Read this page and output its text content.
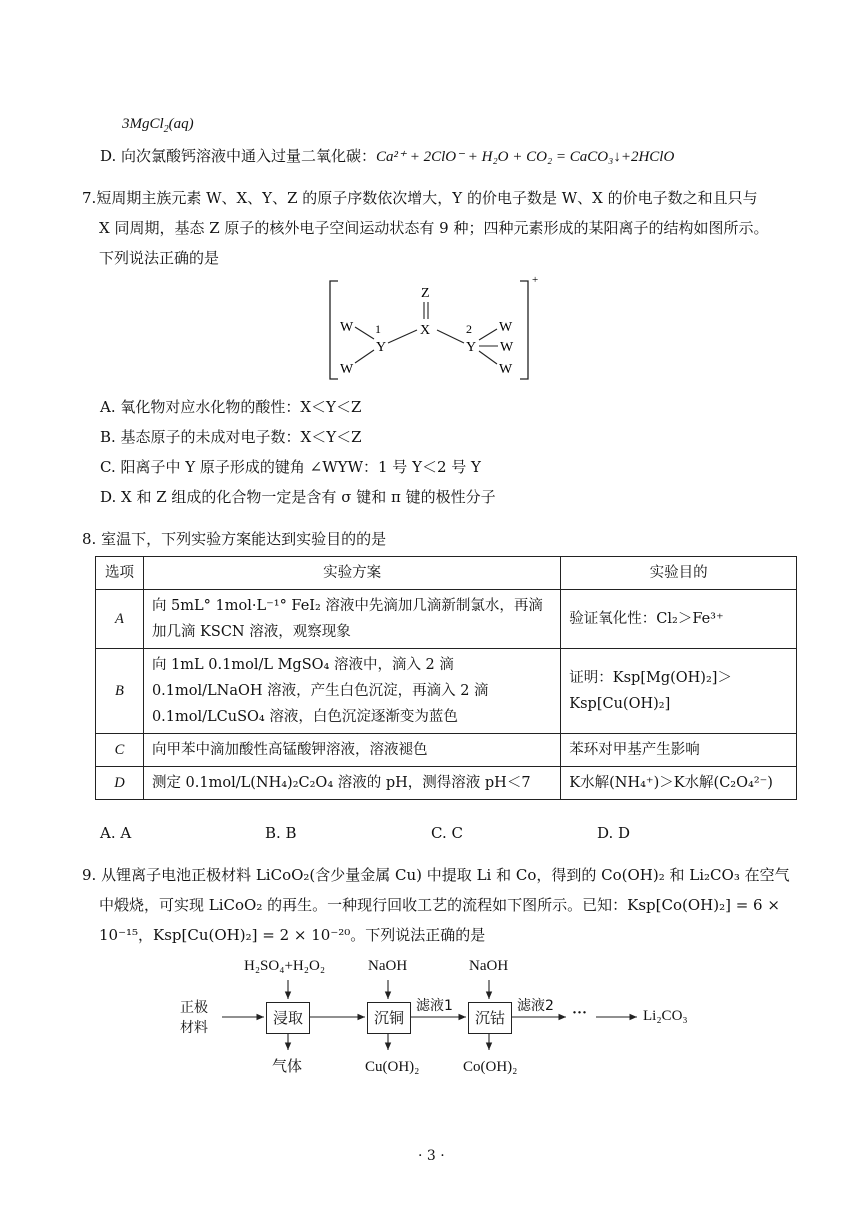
3MgCl$_2$(aq)
D. 向次氯酸钙溶液中通入过量二氧化碳：Ca²⁺ + 2ClO⁻ + H₂O + CO₂ = CaCO₃↓+2HClO
7.短周期主族元素 W、X、Y、Z 的原子序数依次增大，Y 的价电子数是 W、X 的价电子数之和且只与
X 同周期，基态 Z 原子的核外电子空间运动状态有 9 种；四种元素形成的某阳离子的结构如图所示。
下列说法正确的是
+
Z
X
Y
1
W
W
Y
2 W
W
W
A. 氧化物对应水化物的酸性：X＜Y＜Z
B. 基态原子的未成对电子数：X＜Y＜Z
C. 阳离子中 Y 原子形成的键角 ∠WYW：1 号 Y＜2 号 Y
D. X 和 Z 组成的化合物一定是含有 σ 键和 π 键的极性分子
8. 室温下，下列实验方案能达到实验目的的是
选项	实验方案	实验目的
A	向 5mL° 1mol·L⁻¹° FeI₂ 溶液中先滴加几滴新制氯水，再滴加几滴 KSCN 溶液，观察现象	验证氧化性：Cl₂＞Fe³⁺
B	向 1mL 0.1mol/L MgSO₄ 溶液中，滴入 2 滴 0.1mol/LNaOH 溶液，产生白色沉淀，再滴入 2 滴 0.1mol/LCuSO₄ 溶液，白色沉淀逐渐变为蓝色	证明：Ksp[Mg(OH)₂]＞ Ksp[Cu(OH)₂]
C	向甲苯中滴加酸性高锰酸钾溶液，溶液褪色	苯环对甲基产生影响
D	测定 0.1mol/L(NH₄)₂C₂O₄ 溶液的 pH，测得溶液 pH＜7	K水解(NH₄⁺)＞K水解(C₂O₄²⁻)
A. A	B. B	C. C	D. D
9. 从锂离子电池正极材料 LiCoO₂(含少量金属 Cu) 中提取 Li 和 Co，得到的 Co(OH)₂ 和 Li₂CO₃ 在空气
中煅烧，可实现 LiCoO₂ 的再生。一种现行回收工艺的流程如下图所示。已知：Ksp[Co(OH)₂] = 6 ×
10⁻¹⁵，Ksp[Cu(OH)₂] = 2 × 10⁻²⁰。下列说法正确的是
正极材料
H₂SO₄+H₂O₂
浸取
气体
NaOH
沉铜
Cu(OH)₂
滤液1
NaOH
沉钴
Co(OH)₂
滤液2 ···	Li₂CO₃
· 3 ·
